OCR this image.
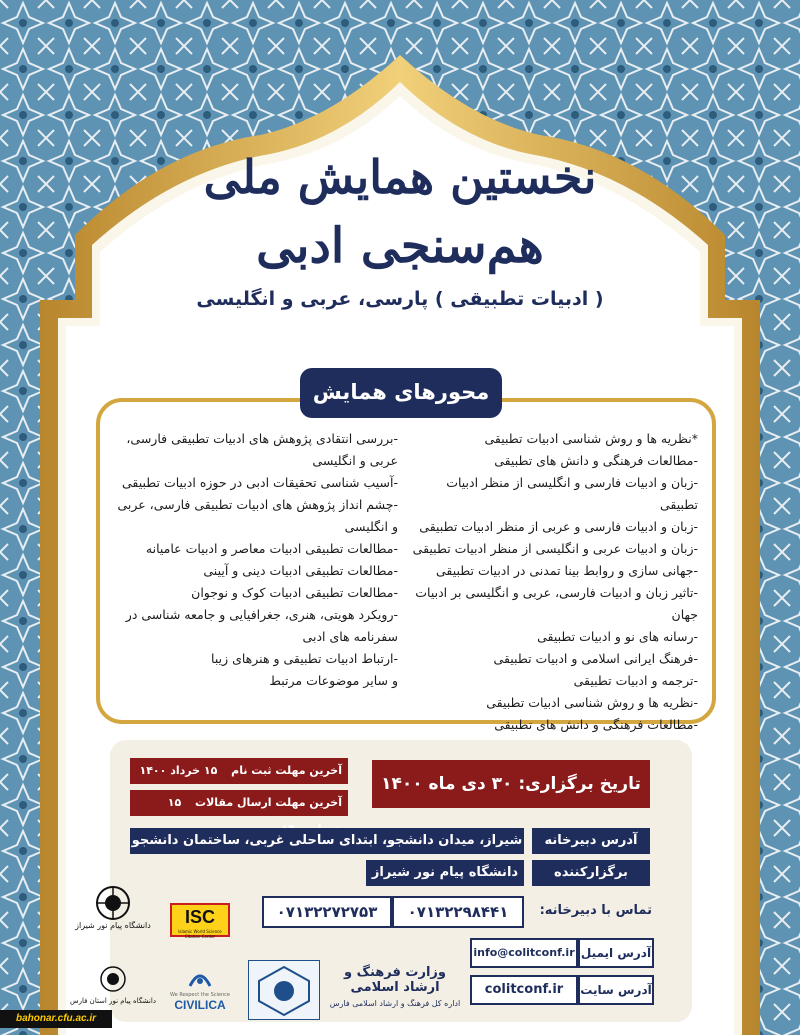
نخستین همایش ملی
هم‌سنجی ادبی
( ادبیات تطبیقی ) پارسی، عربی و انگلیسی
محورهای همایش
*نظریه ها و روش شناسی ادبیات تطبیقی
-مطالعات فرهنگی و دانش های تطبیقی
-زبان و ادبیات فارسی و انگلیسی از منظر ادبیات تطبیقی
-زبان و ادبیات فارسی و عربی از منظر ادبیات تطبیقی
-زبان و ادبیات عربی و انگلیسی از منظر ادبیات تطبیقی
-جهانی سازی و روابط بینا تمدنی در ادبیات تطبیقی
-تاثیر زبان و ادبیات فارسی، عربی و انگلیسی بر ادبیات جهان
-رسانه های نو و ادبیات تطبیقی
-فرهنگ ایرانی اسلامی و ادبیات تطبیقی
-ترجمه و ادبیات تطبیقی
-نظریه ها و روش شناسی ادبیات تطبیقی
-مطالعات فرهنگی و دانش های تطبیقی
-بررسی انتقادی پژوهش های ادبیات تطبیقی فارسی، عربی و انگلیسی
-آسیب شناسی تحقیقات ادبی در حوزه ادبیات تطبیقی
-چشم انداز پژوهش های ادبیات تطبیقی فارسی، عربی و انگلیسی
-مطالعات تطبیقی ادبیات معاصر و ادبیات عامیانه
-مطالعات تطبیقی ادبیات دینی و آیینی
-مطالعات تطبیقی ادبیات کوک و نوجوان
-رویکرد هویتی، هنری، جغرافیایی و جامعه شناسی در سفرنامه های ادبی
-ارتباط ادبیات تطبیقی و هنرهای زیبا
و سایر موضوعات مرتبط
تاریخ برگزاری: ۳۰ دی ماه ۱۴۰۰
آخرین مهلت ثبت نام ۱۵ خرداد ۱۴۰۰
آخرین مهلت ارسال مقالات ۱۵
آدرس دبیرخانه
شیراز، میدان دانشجو، ابتدای ساحلی غربی، ساختمان دانشجو
برگزارکننده
دانشگاه پیام نور شیراز
تماس با دبیرخانه:
۰۷۱۳۲۲۹۸۴۴۱
۰۷۱۳۲۲۷۲۷۵۳
آدرس ایمیل
info@colitconf.ir
آدرس سایت
colitconf.ir
ISC
Islamic World Science Citation Center
دانشگاه پیام نور شیراز
وزارت فرهنگ و ارشاد اسلامی
اداره کل فرهنگ و ارشاد اسلامی فارس
We Respect the Science
CIVILICA
دانشگاه پیام نور استان فارس
bahonar.cfu.ac.ir
